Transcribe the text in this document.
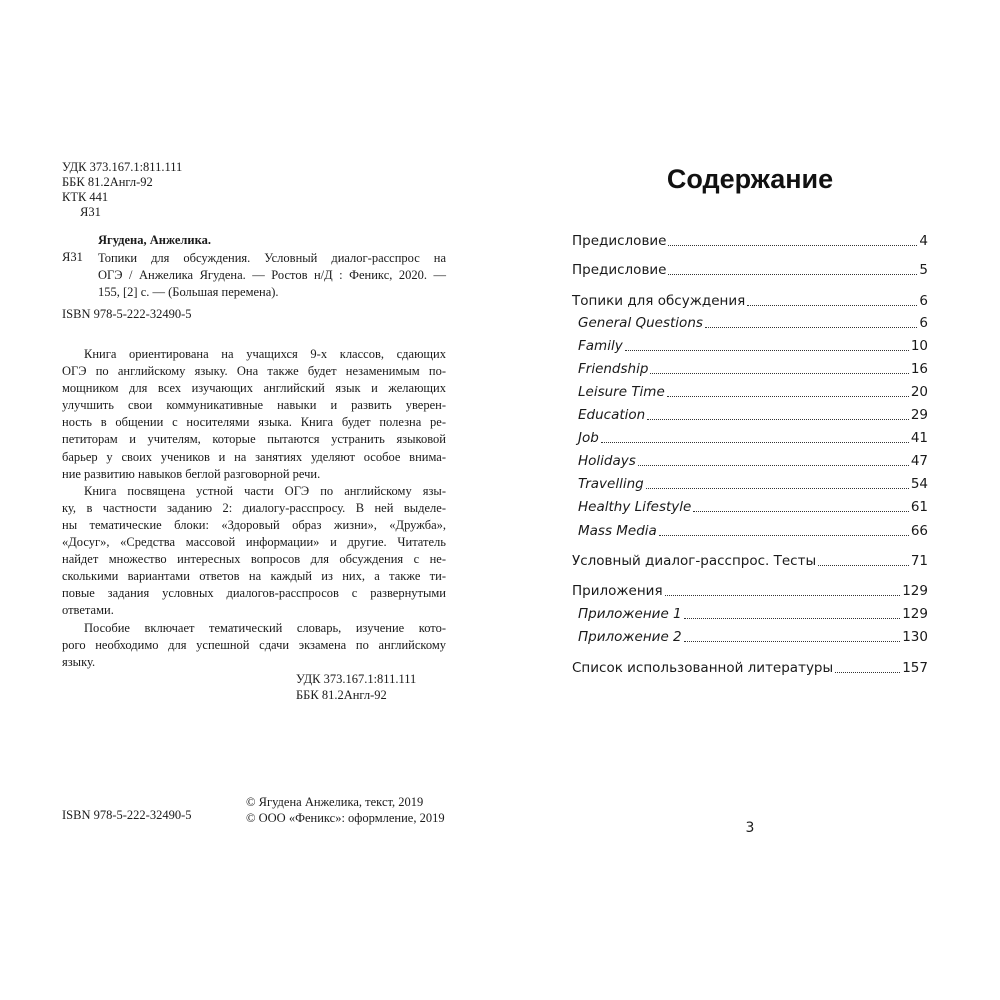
УДК 373.167.1:811.111
ББК 81.2Англ-92
КТК 441
Я31
Ягудена, Анжелика.
Я31 Топики для обсуждения. Условный диалог-расспрос на
ОГЭ / Анжелика Ягудена. — Ростов н/Д : Феникс, 2020. —
155, [2] с. — (Большая перемена).
ISBN 978-5-222-32490-5
Книга ориентирована на учащихся 9-х классов, сдающих
ОГЭ по английскому языку. Она также будет незаменимым по-
мощником для всех изучающих английский язык и желающих
улучшить свои коммуникативные навыки и развить уверен-
ность в общении с носителями языка. Книга будет полезна ре-
петиторам и учителям, которые пытаются устранить языковой
барьер у своих учеников и на занятиях уделяют особое внима-
ние развитию навыков беглой разговорной речи.
Книга посвящена устной части ОГЭ по английскому язы-
ку, в частности заданию 2: диалогу-расспросу. В ней выделе-
ны тематические блоки: «Здоровый образ жизни», «Дружба»,
«Досуг», «Средства массовой информации» и другие. Читатель
найдет множество интересных вопросов для обсуждения с не-
сколькими вариантами ответов на каждый из них, а также ти-
повые задания условных диалогов-расспросов с развернутыми
ответами.
Пособие включает тематический словарь, изучение кото-
рого необходимо для успешной сдачи экзамена по английскому
языку.
УДК 373.167.1:811.111
ББК 81.2Англ-92
ISBN 978-5-222-32490-5
© Ягудена Анжелика, текст, 2019
© ООО «Феникс»: оформление, 2019
Содержание
Предисловие	4
Предисловие	5
Топики для обсуждения	6
General Questions	6
Family	10
Friendship	16
Leisure Time	20
Education	29
Job	41
Holidays	47
Travelling	54
Healthy Lifestyle	61
Mass Media	66
Условный диалог-расспрос. Тесты	71
Приложения	129
Приложение 1	129
Приложение 2	130
Список использованной литературы	157
3
